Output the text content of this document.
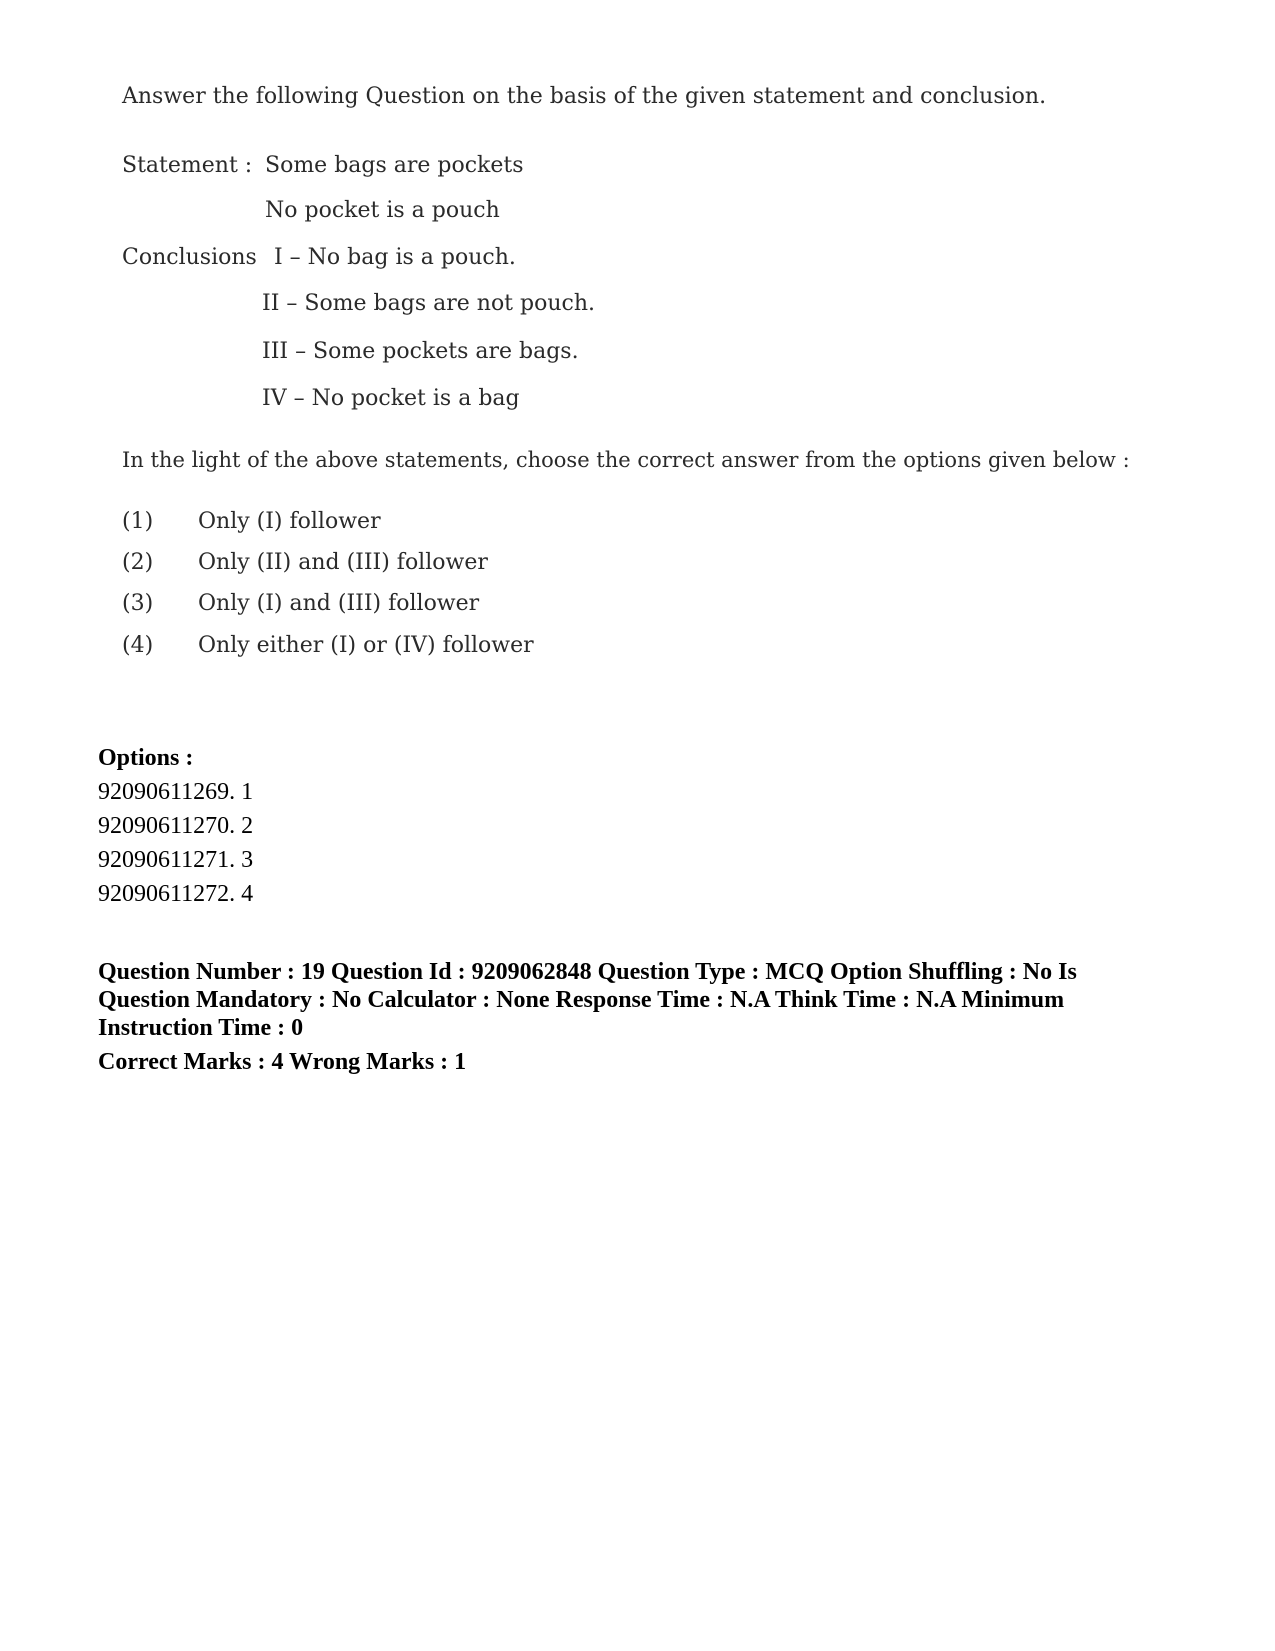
Answer the following Question on the basis of the given statement and conclusion.
Statement : Some bags are pockets
No pocket is a pouch
Conclusions I – No bag is a pouch.
II – Some bags are not pouch.
III – Some pockets are bags.
IV – No pocket is a bag
In the light of the above statements, choose the correct answer from the options given below :
(1) Only (I) follower
(2) Only (II) and (III) follower
(3) Only (I) and (III) follower
(4) Only either (I) or (IV) follower
Options :
92090611269. 1
92090611270. 2
92090611271. 3
92090611272. 4
Question Number : 19 Question Id : 9209062848 Question Type : MCQ Option Shuffling : No Is
Question Mandatory : No Calculator : None Response Time : N.A Think Time : N.A Minimum
Instruction Time : 0
Correct Marks : 4 Wrong Marks : 1
